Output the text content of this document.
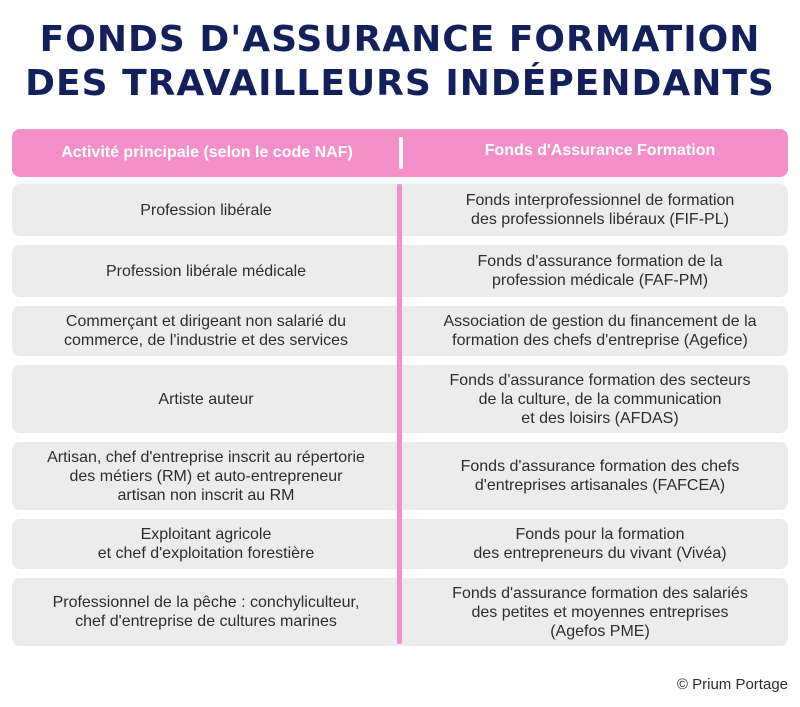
FONDS D'ASSURANCE FORMATION
DES TRAVAILLEURS INDÉPENDANTS
Activité principale (selon le code NAF)	Fonds d'Assurance Formation
Profession libérale
Fonds interprofessionnel de formation
des professionnels libéraux (FIF-PL)
Profession libérale médicale
Fonds d'assurance formation de la
profession médicale (FAF-PM)
Commerçant et dirigeant non salarié du
commerce, de l'industrie et des services
Association de gestion du financement de la
formation des chefs d'entreprise (Agefice)
Artiste auteur
Fonds d'assurance formation des secteurs
de la culture, de la communication
et des loisirs (AFDAS)
Artisan, chef d'entreprise inscrit au répertorie
des métiers (RM) et auto-entrepreneur
artisan non inscrit au RM
Fonds d'assurance formation des chefs
d'entreprises artisanales (FAFCEA)
Exploitant agricole
et chef d'exploitation forestière
Fonds pour la formation
des entrepreneurs du vivant (Vivéa)
Professionnel de la pêche : conchyliculteur,
chef d'entreprise de cultures marines
Fonds d'assurance formation des salariés
des petites et moyennes entreprises
(Agefos PME)
© Prium Portage
